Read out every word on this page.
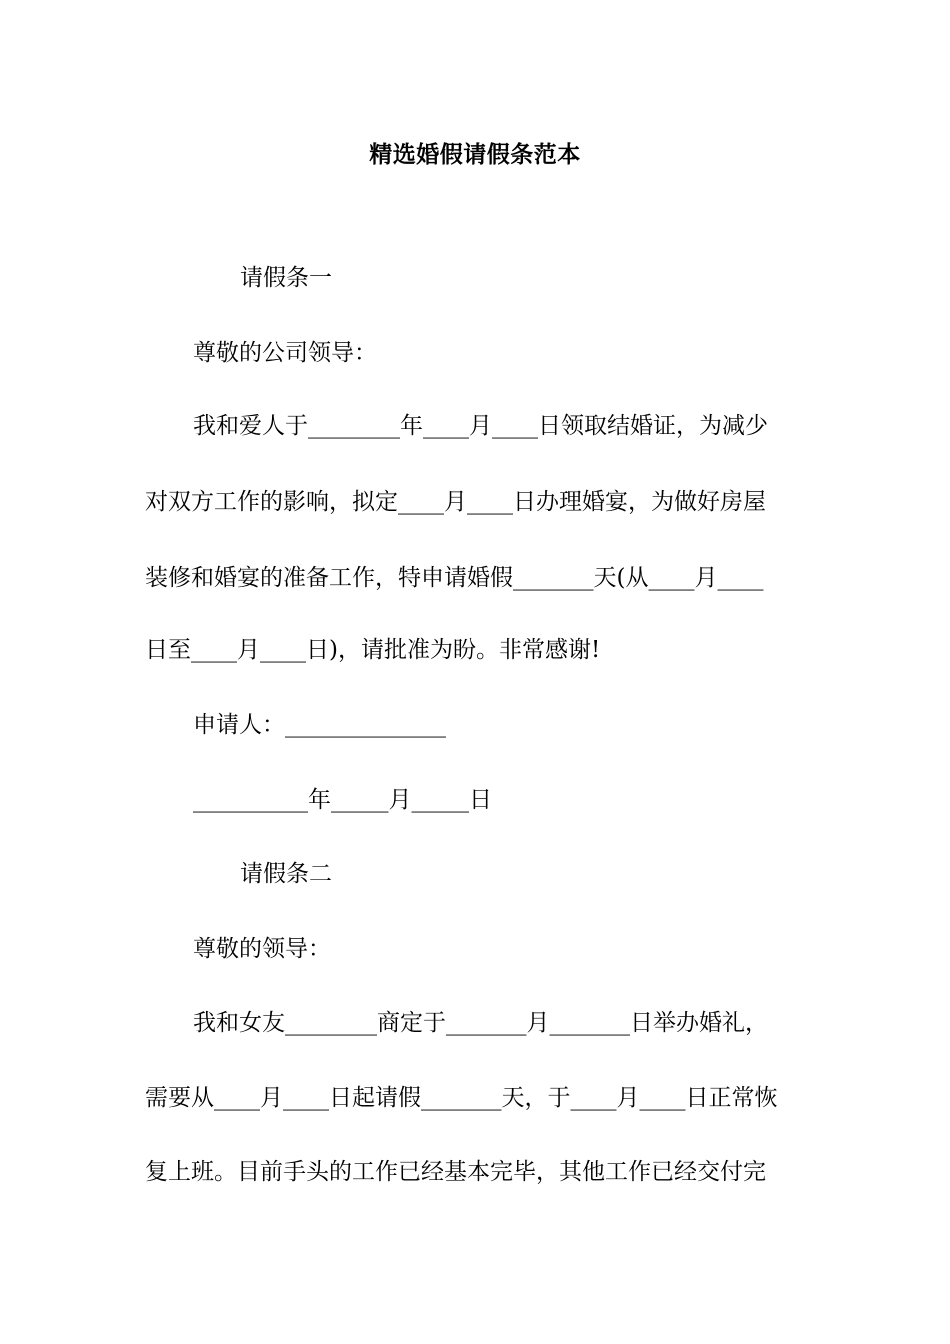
精选婚假请假条范本
请假条一
尊敬的公司领导：
我和爱人于________年____月____日领取结婚证，为减少
对双方工作的影响，拟定____月____日办理婚宴，为做好房屋
装修和婚宴的准备工作，特申请婚假_______天(从____月____
日至____月____日)，请批准为盼。非常感谢!
申请人：______________
__________年_____月_____日
请假条二
尊敬的领导：
我和女友________商定于_______月_______日举办婚礼，
需要从____月____日起请假_______天，于____月____日正常恢
复上班。目前手头的工作已经基本完毕，其他工作已经交付完
